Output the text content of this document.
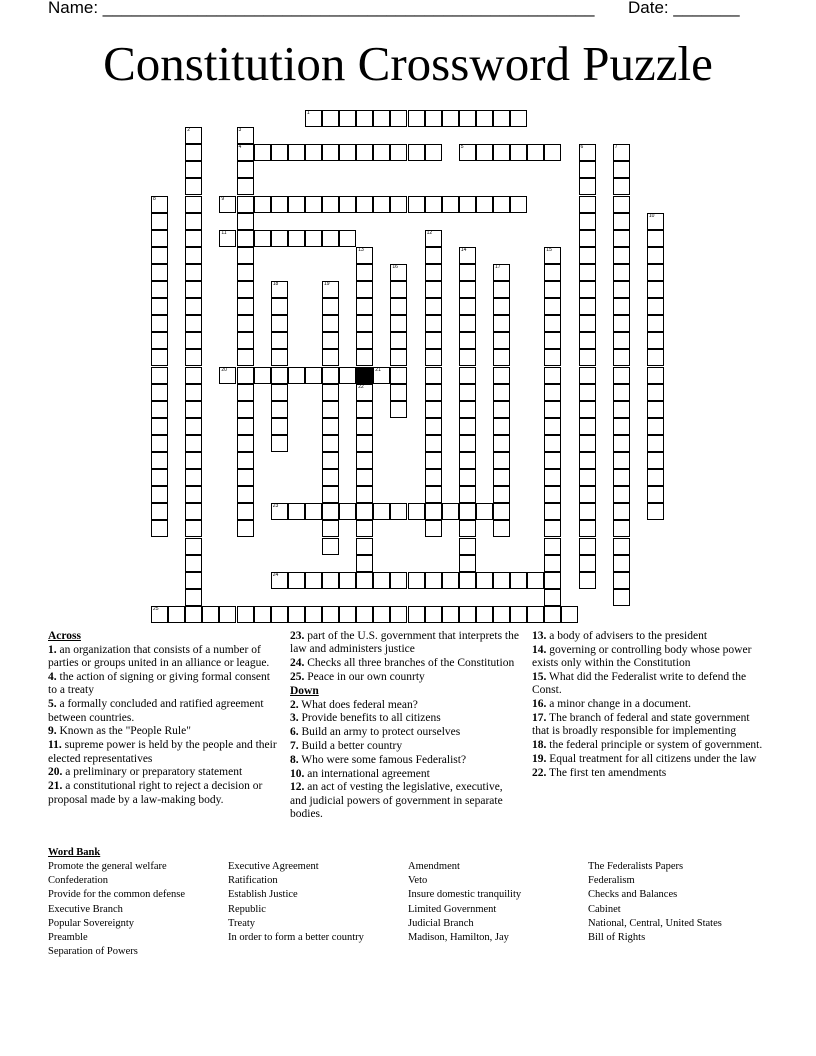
Name: ____________________________________________________ Date: _______
Constitution Crossword Puzzle
1
4	5
9
11
20	21
23
24
25
2	3
6	7
8
10
12
13
22
14	15
16	17
18	19

Across

1. an organization that consists of a number of parties or groups united in an alliance or league.

4. the action of signing or giving formal consent to a treaty

5. a formally concluded and ratified agreement between countries.

9. Known as the "People Rule"

11. supreme power is held by the people and their elected representatives

20. a preliminary or preparatory statement

21. a constitutional right to reject a decision or proposal made by a law-making body.

23. part of the U.S. government that interprets the law and administers justice

24. Checks all three branches of the Constitution

25. Peace in our own counrty

Down

2. What does federal mean?

3. Provide benefits to all citizens

6. Build an army to protect ourselves

7. Build a better country

8. Who were some famous Federalist?

10. an international agreement

12. an act of vesting the legislative, executive, and judicial powers of government in separate bodies.

13. a body of advisers to the president

14. governing or controlling body whose power exists only within the Constitution

15. What did the Federalist write to defend the Const.

16. a minor change in a document.

17. The branch of federal and state government that is broadly responsible for implementing

18. the federal principle or system of government.

19. Equal treatment for all citizens under the law

22. The first ten amendments

Word Bank
Promote the general welfare
Confederation
Provide for the common defense
Executive Branch
Popular Sovereignty
Preamble
Separation of Powers
Executive Agreement
Ratification
Establish Justice
Republic
Treaty
In order to form a better country
Amendment
Veto
Insure domestic tranquility
Limited Government
Judicial Branch
Madison, Hamilton, Jay
The Federalists Papers
Federalism
Checks and Balances
Cabinet
National, Central, United States
Bill of Rights
